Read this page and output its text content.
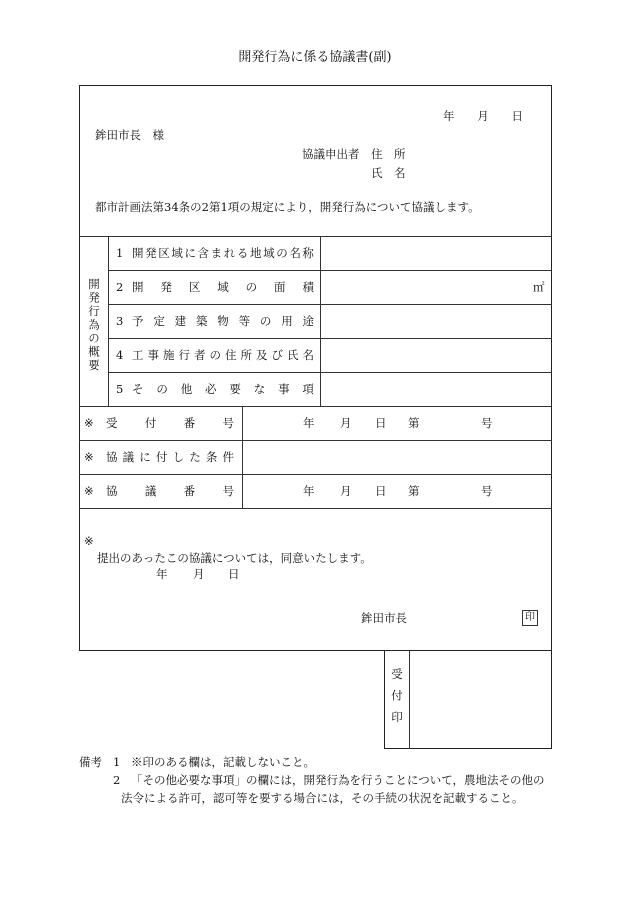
開発行為に係る協議書(副)
年 月 日
鉾田市長　様
協議申出者 住　所
氏　名
都市計画法第34条の2第1項の規定により，開発行為について協議します。
開発行為の概要
1 開 発 区 域 に 含 ま れ る 地 域 の 名 称
2 開 発 区 域 の 面 積	㎡
3 予 定 建 築 物 等 の 用 途
4 工 事 施 行 者 の 住 所 及 び 氏 名
5 そ の 他 必 要 な 事 項
※ 受 付 番 号	年 月 日 第	号
※ 協 議 に 付 し た 条 件
※ 協 議 番 号	年 月 日 第	号
※
提出のあったこの協議については，同意いたします。
年 月 日
鉾田市長	印
受付印
備考 1 ※印のある欄は，記載しないこと。
2 「その他必要な事項」の欄には，開発行為を行うことについて，農地法その他の
法令による許可，認可等を要する場合には，その手続の状況を記載すること。
